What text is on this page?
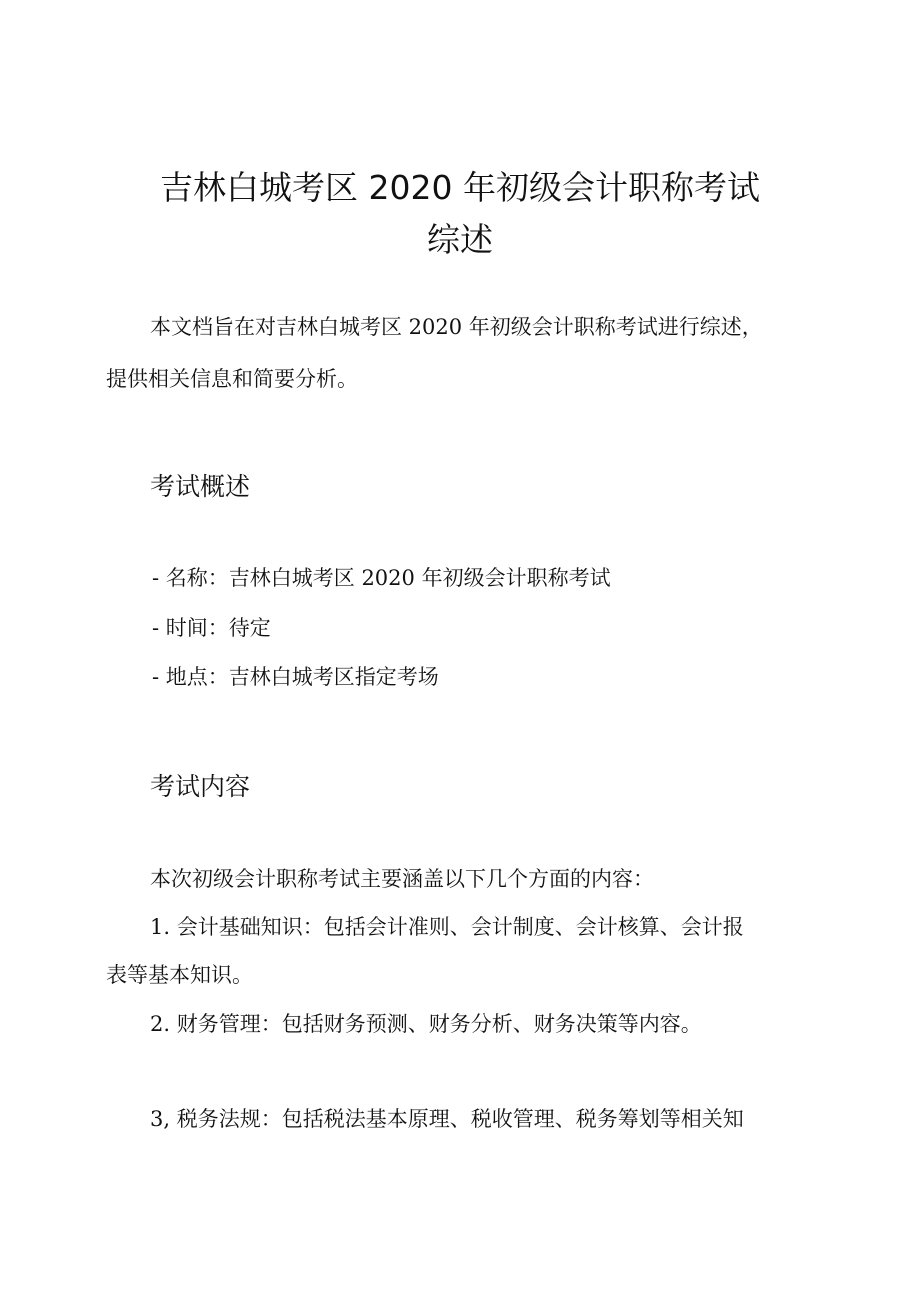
吉林白城考区 2020 年初级会计职称考试
综述
本文档旨在对吉林白城考区 2020 年初级会计职称考试进行综述，
提供相关信息和简要分析。
考试概述
- 名称：吉林白城考区 2020 年初级会计职称考试
- 时间：待定
- 地点：吉林白城考区指定考场
考试内容
本次初级会计职称考试主要涵盖以下几个方面的内容：
1. 会计基础知识：包括会计准则、会计制度、会计核算、会计报
表等基本知识。
2. 财务管理：包括财务预测、财务分析、财务决策等内容。
3, 税务法规：包括税法基本原理、税收管理、税务筹划等相关知
